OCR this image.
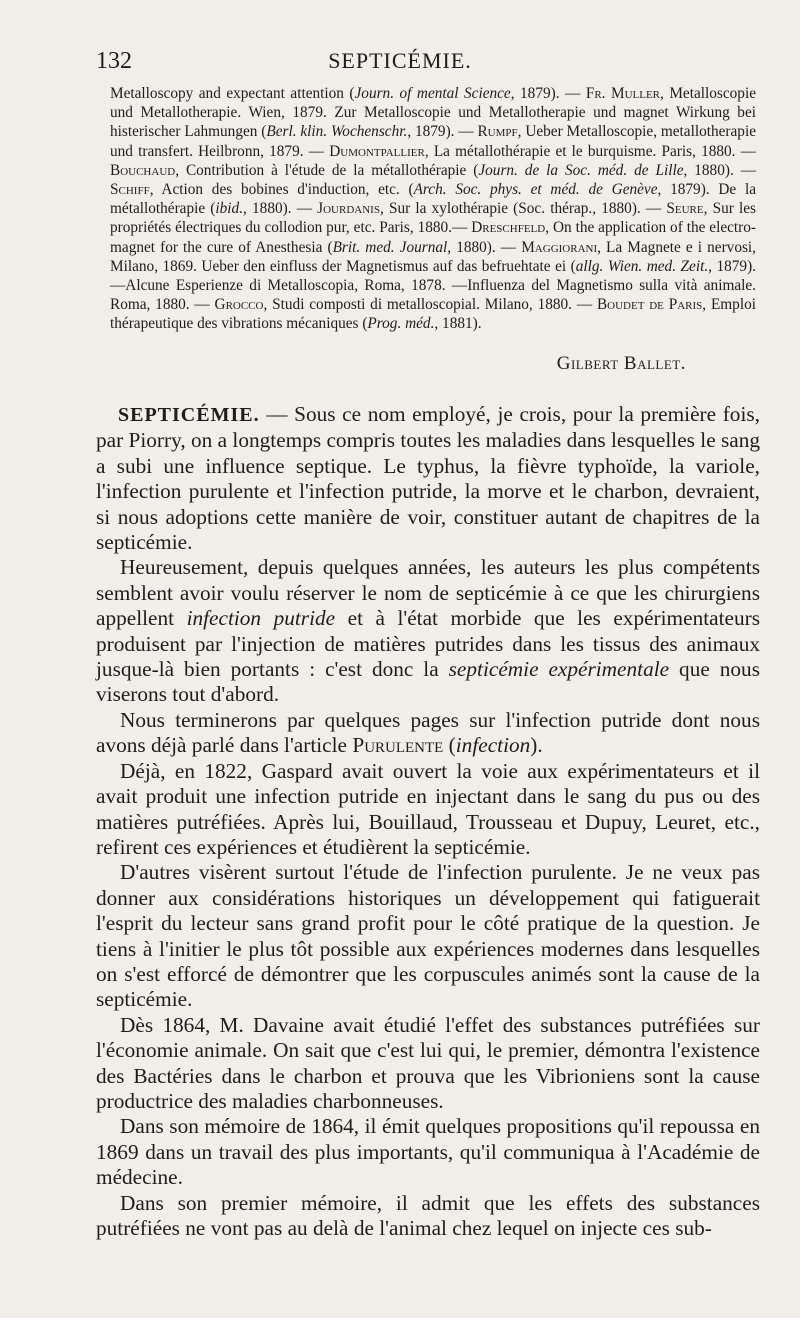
132	SEPTICÉMIE.
Metalloscopy and expectant attention (Journ. of mental Science, 1879). — Fr. Muller, Metalloscopie und Metallotherapie. Wien, 1879. Zur Metalloscopie und Metallotherapie und magnet Wirkung bei histerischer Lahmungen (Berl. klin. Wochenschr., 1879). — Rumpf, Ueber Metalloscopie, metallotherapie und transfert. Heilbronn, 1879. — Dumontpallier, La métallothérapie et le burquisme. Paris, 1880. — Bouchaud, Contribution à l'étude de la métallothérapie (Journ. de la Soc. méd. de Lille, 1880). — Schiff, Action des bobines d'induction, etc. (Arch. Soc. phys. et méd. de Genève, 1879). De la métallothérapie (ibid., 1880). — Jourdanis, Sur la xylothérapie (Soc. thérap., 1880). — Seure, Sur les propriétés électriques du collodion pur, etc. Paris, 1880.— Dreschfeld, On the application of the electro-magnet for the cure of Anesthesia (Brit. med. Journal, 1880). — Maggiorani, La Magnete e i nervosi, Milano, 1869. Ueber den einfluss der Magnetismus auf das befruehtate ei (allg. Wien. med. Zeit., 1879). —Alcune Esperienze di Metalloscopia, Roma, 1878. —Influenza del Magnetismo sulla vità animale. Roma, 1880. — Grocco, Studi composti di metalloscopial. Milano, 1880. — Boudet de Paris, Emploi thérapeutique des vibrations mécaniques (Prog. méd., 1881).
Gilbert Ballet.

SEPTICÉMIE. — Sous ce nom employé, je crois, pour la première fois, par Piorry, on a longtemps compris toutes les maladies dans lesquelles le sang a subi une influence septique. Le typhus, la fièvre typhoïde, la variole, l'infection purulente et l'infection putride, la morve et le charbon, devraient, si nous adoptions cette manière de voir, constituer autant de chapitres de la septicémie.

Heureusement, depuis quelques années, les auteurs les plus compétents semblent avoir voulu réserver le nom de septicémie à ce que les chirurgiens appellent infection putride et à l'état morbide que les expérimentateurs produisent par l'injection de matières putrides dans les tissus des animaux jusque-là bien portants : c'est donc la septicémie expérimentale que nous viserons tout d'abord.

Nous terminerons par quelques pages sur l'infection putride dont nous avons déjà parlé dans l'article Purulente (infection).

Déjà, en 1822, Gaspard avait ouvert la voie aux expérimentateurs et il avait produit une infection putride en injectant dans le sang du pus ou des matières putréfiées. Après lui, Bouillaud, Trousseau et Dupuy, Leuret, etc., refirent ces expériences et étudièrent la septicémie.

D'autres visèrent surtout l'étude de l'infection purulente. Je ne veux pas donner aux considérations historiques un développement qui fatiguerait l'esprit du lecteur sans grand profit pour le côté pratique de la question. Je tiens à l'initier le plus tôt possible aux expériences modernes dans lesquelles on s'est efforcé de démontrer que les corpuscules animés sont la cause de la septicémie.

Dès 1864, M. Davaine avait étudié l'effet des substances putréfiées sur l'économie animale. On sait que c'est lui qui, le premier, démontra l'existence des Bactéries dans le charbon et prouva que les Vibrioniens sont la cause productrice des maladies charbonneuses.

Dans son mémoire de 1864, il émit quelques propositions qu'il repoussa en 1869 dans un travail des plus importants, qu'il communiqua à l'Académie de médecine.

Dans son premier mémoire, il admit que les effets des substances putréfiées ne vont pas au delà de l'animal chez lequel on injecte ces sub-
